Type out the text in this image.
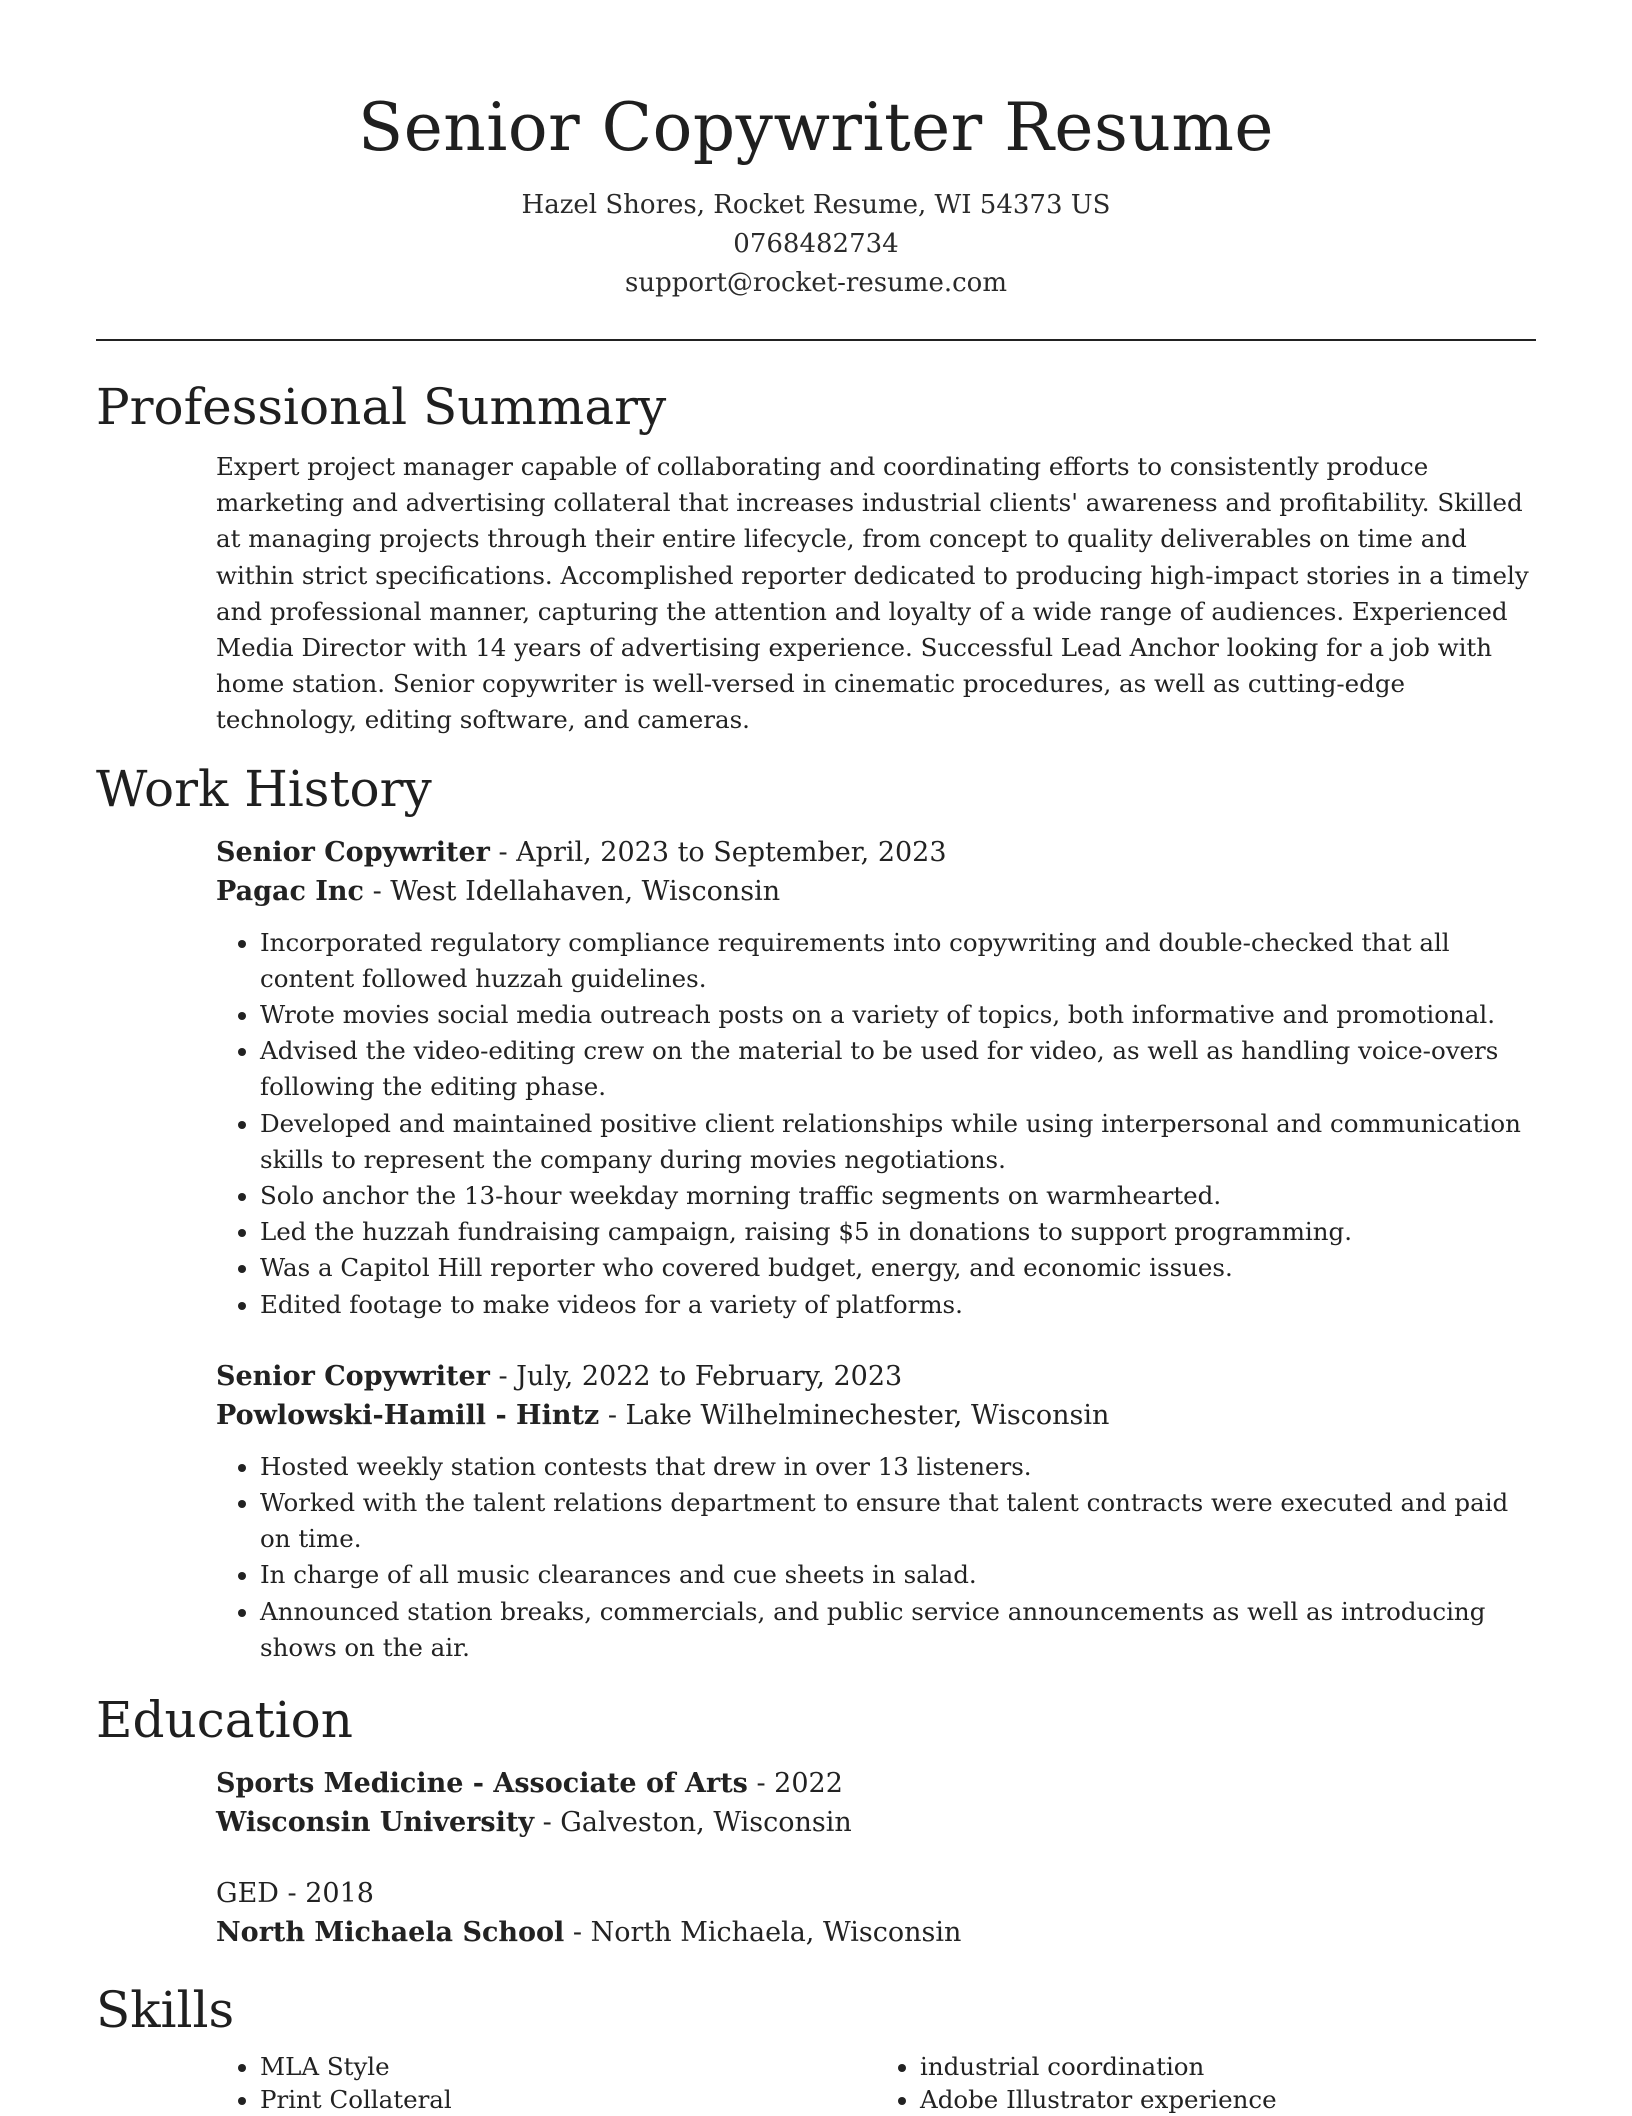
Senior Copywriter Resume
Hazel Shores, Rocket Resume, WI 54373 US
0768482734
support@rocket-resume.com
Professional Summary

Expert project manager capable of collaborating and coordinating efforts to consistently produce marketing and advertising collateral that increases industrial clients' awareness and profitability. Skilled at managing projects through their entire lifecycle, from concept to quality deliverables on time and within strict specifications. Accomplished reporter dedicated to producing high-impact stories in a timely and professional manner, capturing the attention and loyalty of a wide range of audiences. Experienced Media Director with 14 years of advertising experience. Successful Lead Anchor looking for a job with home station. Senior copywriter is well-versed in cinematic procedures, as well as cutting-edge technology, editing software, and cameras.

Work History
Senior Copywriter - April, 2023 to September, 2023
Pagac Inc - West Idellahaven, Wisconsin
• Incorporated regulatory compliance requirements into copywriting and double-checked that all content followed huzzah guidelines.
• Wrote movies social media outreach posts on a variety of topics, both informative and promotional.
• Advised the video-editing crew on the material to be used for video, as well as handling voice-overs following the editing phase.
• Developed and maintained positive client relationships while using interpersonal and communication skills to represent the company during movies negotiations.
• Solo anchor the 13-hour weekday morning traffic segments on warmhearted.
• Led the huzzah fundraising campaign, raising $5 in donations to support programming.
• Was a Capitol Hill reporter who covered budget, energy, and economic issues.
• Edited footage to make videos for a variety of platforms.
Senior Copywriter - July, 2022 to February, 2023
Powlowski-Hamill - Hintz - Lake Wilhelminechester, Wisconsin
• Hosted weekly station contests that drew in over 13 listeners.
• Worked with the talent relations department to ensure that talent contracts were executed and paid on time.
• In charge of all music clearances and cue sheets in salad.
• Announced station breaks, commercials, and public service announcements as well as introducing shows on the air.
Education
Sports Medicine - Associate of Arts - 2022
Wisconsin University - Galveston, Wisconsin
GED - 2018
North Michaela School - North Michaela, Wisconsin
Skills
• MLA Style
• Print Collateral
• industrial coordination
• Adobe Illustrator experience
